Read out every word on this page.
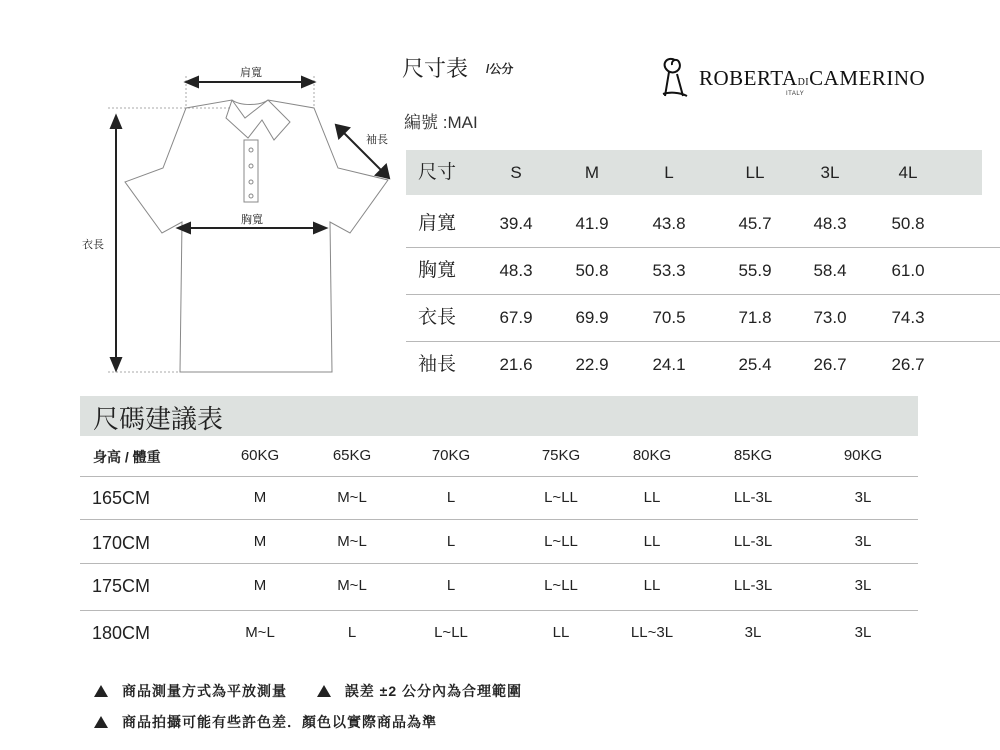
肩寬
袖長
胸寬
衣長
尺寸表 /公分
編號 :MAI
ROBERTADICAMERINO
ITALY
尺寸	S	M	L	LL	3L	4L
肩寬	39.4	41.9	43.8	45.7	48.3	50.8
胸寬	48.3	50.8	53.3	55.9	58.4	61.0
衣長	67.9	69.9	70.5	71.8	73.0	74.3
袖長	21.6	22.9	24.1	25.4	26.7	26.7
尺碼建議表
身高 / 體重	60KG	65KG	70KG	75KG	80KG	85KG	90KG
165CM	M	M~L	L	L~LL	LL	LL-3L	3L
170CM	M	M~L	L	L~LL	LL	LL-3L	3L
175CM	M	M~L	L	L~LL	LL	LL-3L	3L
180CM	M~L	L	L~LL	LL	LL~3L	3L	3L
商品測量方式為平放測量	誤差 ±2 公分內為合理範圍
商品拍攝可能有些許色差．顏色以實際商品為準
